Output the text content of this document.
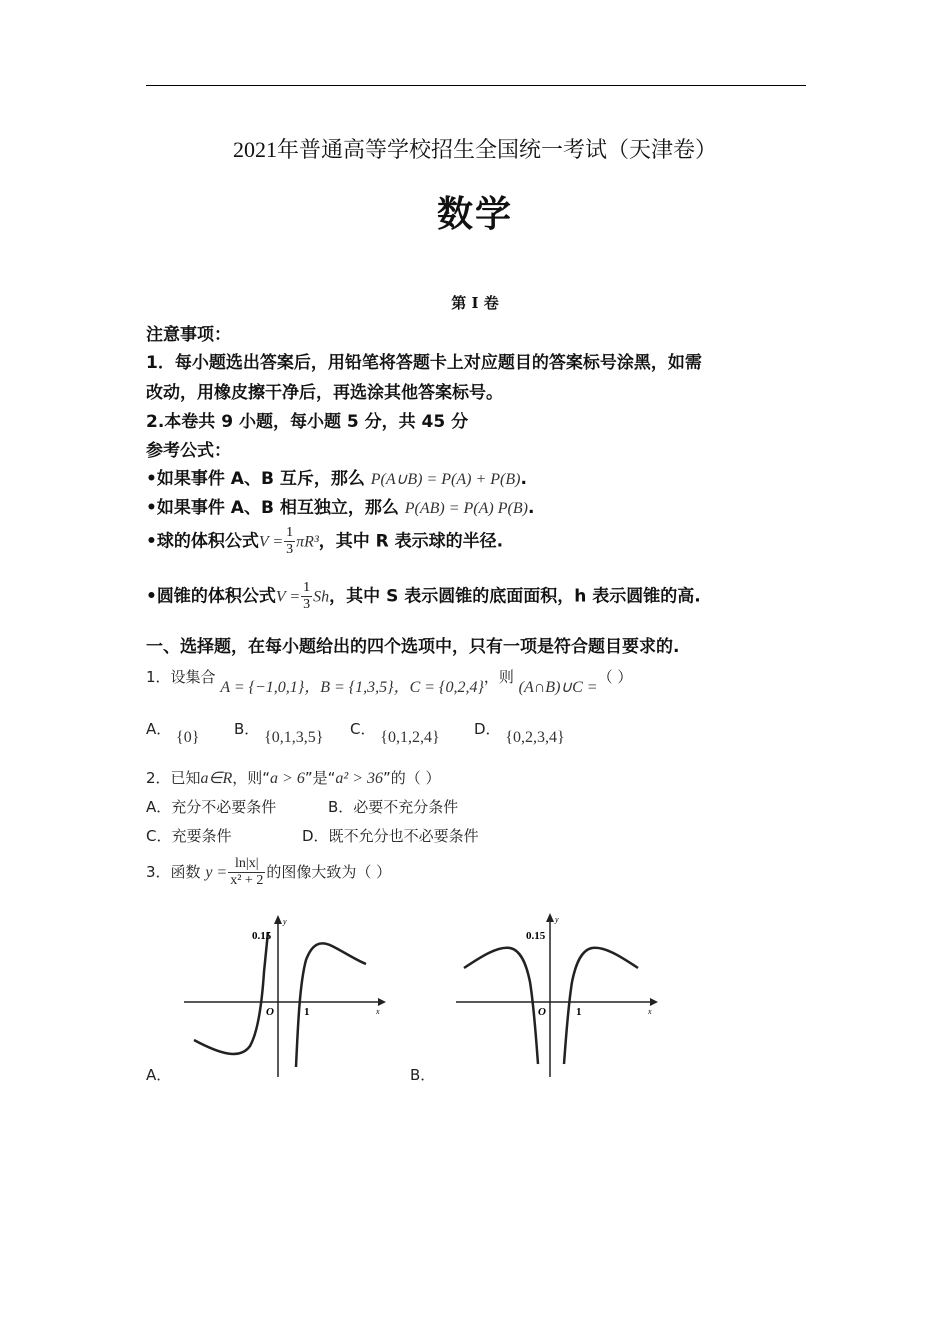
2021年普通高等学校招生全国统一考试（天津卷）
数学
第 I 卷
注意事项：
1．每小题选出答案后，用铅笔将答题卡上对应题目的答案标号涂黑，如需
改动，用橡皮擦干净后，再选涂其他答案标号。
2.本卷共 9 小题，每小题 5 分，共 45 分
参考公式：
•如果事件 A、B 互斥，那么 P(A∪B) = P(A) + P(B).
•如果事件 A、B 相互独立，那么 P(AB) = P(A) P(B).
•球的体积公式$V = \frac{1}{3} \pi R^3$，其中 R 表示球的半径.
•圆锥的体积公式$V = \frac{1}{3}$ Sh，其中 S 表示圆锥的底面面积，h 表示圆锥的高.
一、选择题，在每小题给出的四个选项中，只有一项是符合题目要求的.
1．设集合 A = {−1,0,1}，B = {1,3,5}，C = {0,2,4}，则 (A∩B)∪C =（ ）
A． {0} B． {0,1,3,5} C． {0,1,2,4} D． {0,2,3,4}
2．已知a∈R，则“a > 6”是“a² > 36”的（ ）
A．充分不必要条件	B．必要不充分条件
C．充要条件	D．既不允分也不必要条件
3．函数 $y = \frac{\ln|x|}{\text{x² + 2}}$ 的图像大致为（ ）
0.15
O	1
y
x
A．
0.15
O	1
y
x
B．
